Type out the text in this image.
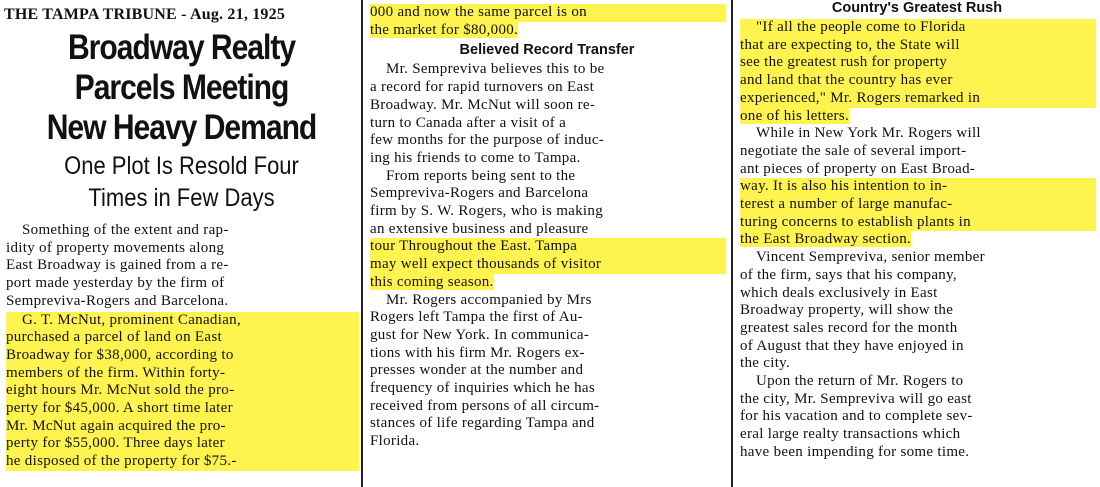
THE TAMPA TRIBUNE - Aug. 21, 1925
Broadway Realty
Parcels Meeting
New Heavy Demand
One Plot Is Resold Four
Times in Few Days
Something of the extent and rap-
idity of property movements along
East Broadway is gained from a re-
port made yesterday by the firm of
Sempreviva-Rogers and Barcelona.
G. T. McNut, prominent Canadian,
purchased a parcel of land on East
Broadway for $38,000, according to
members of the firm. Within forty-
eight hours Mr. McNut sold the pro-
perty for $45,000. A short time later
Mr. McNut again acquired the pro-
perty for $55,000. Three days later
he disposed of the property for $75.-
000 and now the same parcel is on
the market for $80,000.
Believed Record Transfer
Mr. Sempreviva believes this to be
a record for rapid turnovers on East
Broadway. Mr. McNut will soon re-
turn to Canada after a visit of a
few months for the purpose of induc-
ing his friends to come to Tampa.
From reports being sent to the
Sempreviva-Rogers and Barcelona
firm by S. W. Rogers, who is making
an extensive business and pleasure
tour Throughout the East. Tampa
may well expect thousands of visitor
this coming season.
Mr. Rogers accompanied by Mrs
Rogers left Tampa the first of Au-
gust for New York. In communica-
tions with his firm Mr. Rogers ex-
presses wonder at the number and
frequency of inquiries which he has
received from persons of all circum-
stances of life regarding Tampa and
Florida.
Country's Greatest Rush
"If all the people come to Florida
that are expecting to, the State will
see the greatest rush for property
and land that the country has ever
experienced," Mr. Rogers remarked in
one of his letters.
While in New York Mr. Rogers will
negotiate the sale of several import-
ant pieces of property on East Broad-
way. It is also his intention to in-
terest a number of large manufac-
turing concerns to establish plants in
the East Broadway section.
Vincent Sempreviva, senior member
of the firm, says that his company,
which deals exclusively in East
Broadway property, will show the
greatest sales record for the month
of August that they have enjoyed in
the city.
Upon the return of Mr. Rogers to
the city, Mr. Sempreviva will go east
for his vacation and to complete sev-
eral large realty transactions which
have been impending for some time.
